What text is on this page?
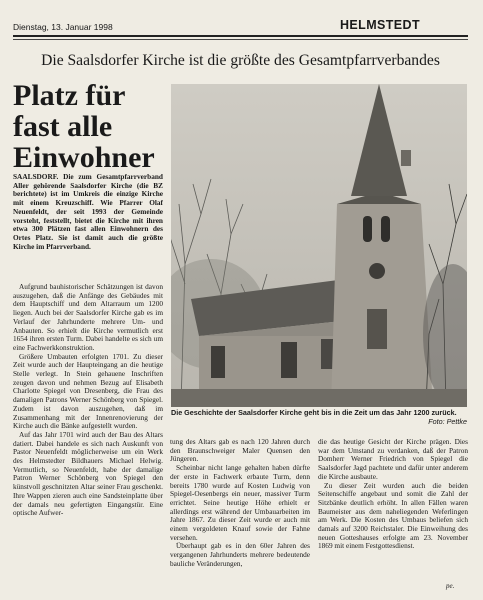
Dienstag, 13. Januar 1998	HELMSTEDT
Die Saalsdorfer Kirche ist die größte des Gesamtpfarrverbandes
Platz für
fast alle
Einwohner

SAALSDORF. Die zum Gesamtpfarrverband Aller gehörende Saalsdorfer Kirche (die BZ berichtete) ist im Umkreis die einzige Kirche mit einem Kreuzschiff. Wie Pfarrer Olaf Neuenfeldt, der seit 1993 der Gemeinde vorsteht, feststellt, bietet die Kirche mit ihren etwa 300 Plätzen fast allen Einwohnern des Ortes Platz. Sie ist damit auch die größte Kirche im Pfarrverband.

Aufgrund bauhistorischer Schätzungen ist davon auszugehen, daß die Anfänge des Gebäudes mit dem Hauptschiff und dem Altarraum um 1200 liegen. Auch bei der Saalsdorfer Kirche gab es im Verlauf der Jahrhunderte mehrere Um- und Anbauten. So erhielt die Kirche vermutlich erst 1654 ihren ersten Turm. Dabei handelte es sich um eine Fachwerkkonstruktion.

Größere Umbauten erfolgten 1701. Zu dieser Zeit wurde auch der Haupteingang an die heutige Stelle verlegt. In Stein gehauene Inschriften zeugen davon und nehmen Bezug auf Elisabeth Charlotte Spiegel von Dresenberg, die Frau des damaligen Patrons Werner Schönberg von Spiegel. Zudem ist davon auszugehen, daß im Zusammenhang mit der Innenrenovierung der Kirche auch die Bänke aufgestellt wurden.

Auf das Jahr 1701 wird auch der Bau des Altars datiert. Dabei handele es sich nach Auskunft von Pastor Neuenfeldt möglicherweise um ein Werk des Helmstedter Bildhauers Michael Helwig. Vermutlich, so Neuenfeldt, habe der damalige Patron Werner Schönberg von Spiegel den künstvoll geschnitzten Altar seiner Frau geschenkt. Ihre Wappen zieren auch eine Sandsteinplatte über der damals neu gefertigten Eingangstür. Eine optische Aufwer-

Die Geschichte der Saalsdorfer Kirche geht bis in die Zeit um das Jahr 1200 zurück.
Foto: Pettke

tung des Altars gab es nach 120 Jahren durch den Braunschweiger Maler Quensen den Jüngeren.

Scheinbar nicht lange gehalten haben dürfte der erste in Fachwerk erbaute Turm, denn bereits 1780 wurde auf Kosten Ludwig von Spiegel-Oesenbergs ein neuer, massiver Turm errichtet. Seine heutige Höhe erhielt er allerdings erst während der Umbauarbeiten im Jahre 1867. Zu dieser Zeit wurde er auch mit einem vergoldeten Knauf sowie der Fahne versehen.

Überhaupt gab es in den 60er Jahren des vergangenen Jahrhunderts mehrere bedeutende bauliche Veränderungen,

die das heutige Gesicht der Kirche prägen. Dies war dem Umstand zu verdanken, daß der Patron Domherr Werner Friedrich von Spiegel die Saalsdorfer Jagd pachtete und dafür unter anderem die Kirche ausbaute.

Zu dieser Zeit wurden auch die beiden Seitenschiffe angebaut und somit die Zahl der Sitzbänke deutlich erhöht. In allen Fällen waren Baumeister aus dem naheliegenden Weferlingen am Werk. Die Kosten des Umbaus beliefen sich damals auf 3200 Reichstaler. Die Einweihung des neuen Gotteshauses erfolgte am 23. November 1869 mit einem Festgottesdienst.

pe.
